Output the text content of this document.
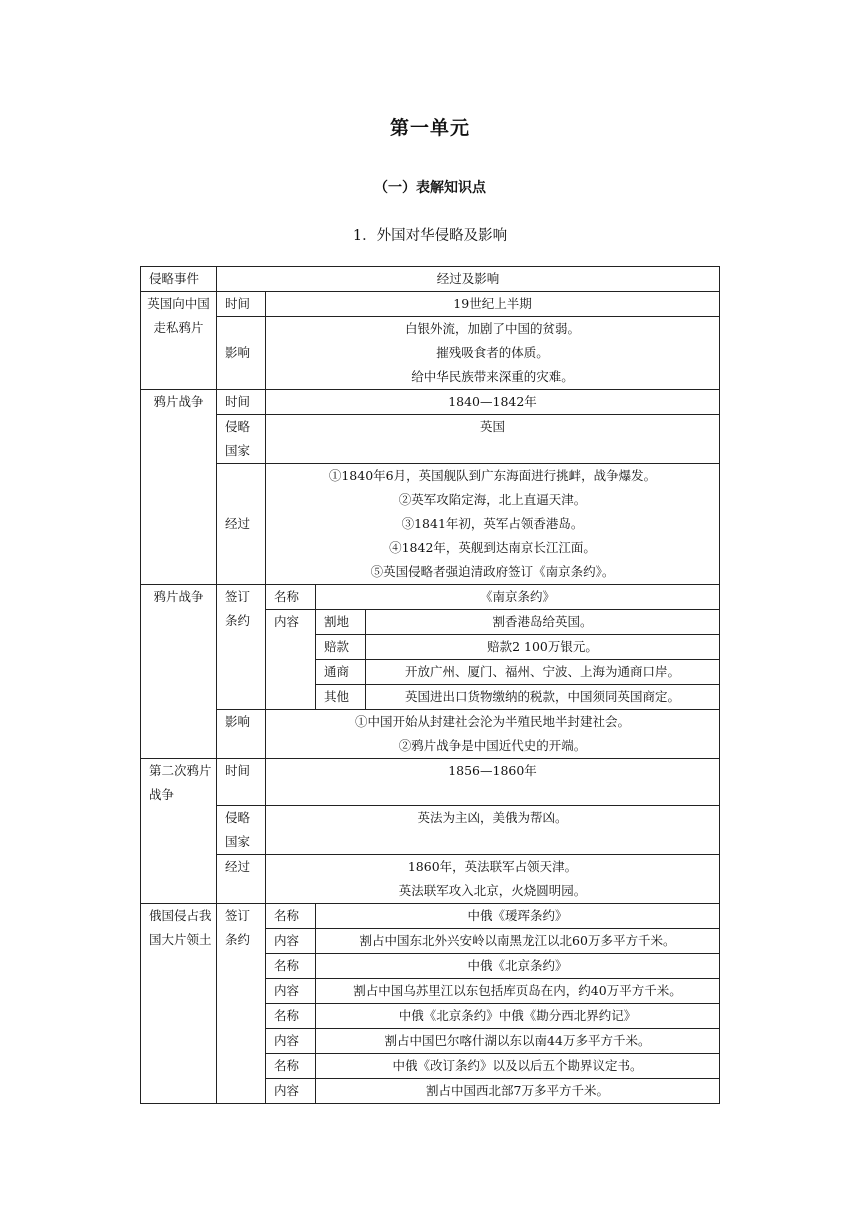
第一单元
（一）表解知识点
1．外国对华侵略及影响
侵略事件	经过及影响			
英国向中国走私鸦片	时间	19世纪上半期		
	影响	白银外流，加剧了中国的贫弱。
摧残吸食者的体质。
给中华民族带来深重的灾难。		

鸦片战争	时间	1840—1842年		
	侵略国家	英国		
	经过	①1840年6月，英国舰队到广东海面进行挑衅，战争爆发。
②英军攻陷定海，北上直逼天津。
③1841年初，英军占领香港岛。
④1842年，英舰到达南京长江江面。
⑤英国侵略者强迫清政府签订《南京条约》。		

鸦片战争	签订条约	名称	《南京条约》	
		内容	割地	割香港岛给英国。
			赔款	赔款2 100万银元。
			通商	开放广州、厦门、福州、宁波、上海为通商口岸。
			其他	英国进出口货物缴纳的税款，中国须同英国商定。
	影响	①中国开始从封建社会沦为半殖民地半封建社会。
②鸦片战争是中国近代史的开端。		

第二次鸦片战争	时间	1856—1860年		

	侵略国家	英法为主凶，美俄为帮凶。		
	经过	1860年，英法联军占领天津。
英法联军攻入北京，火烧圆明园。		

俄国侵占我国大片领土	签订条约	名称	中俄《瑷珲条约》	
		内容	割占中国东北外兴安岭以南黑龙江以北60万多平方千米。	
		名称	中俄《北京条约》	
		内容	割占中国乌苏里江以东包括库页岛在内，约40万平方千米。	
		名称	中俄《北京条约》中俄《勘分西北界约记》	
		内容	割占中国巴尔喀什湖以东以南44万多平方千米。	
		名称	中俄《改订条约》以及以后五个勘界议定书。	
		内容	割占中国西北部7万多平方千米。	
